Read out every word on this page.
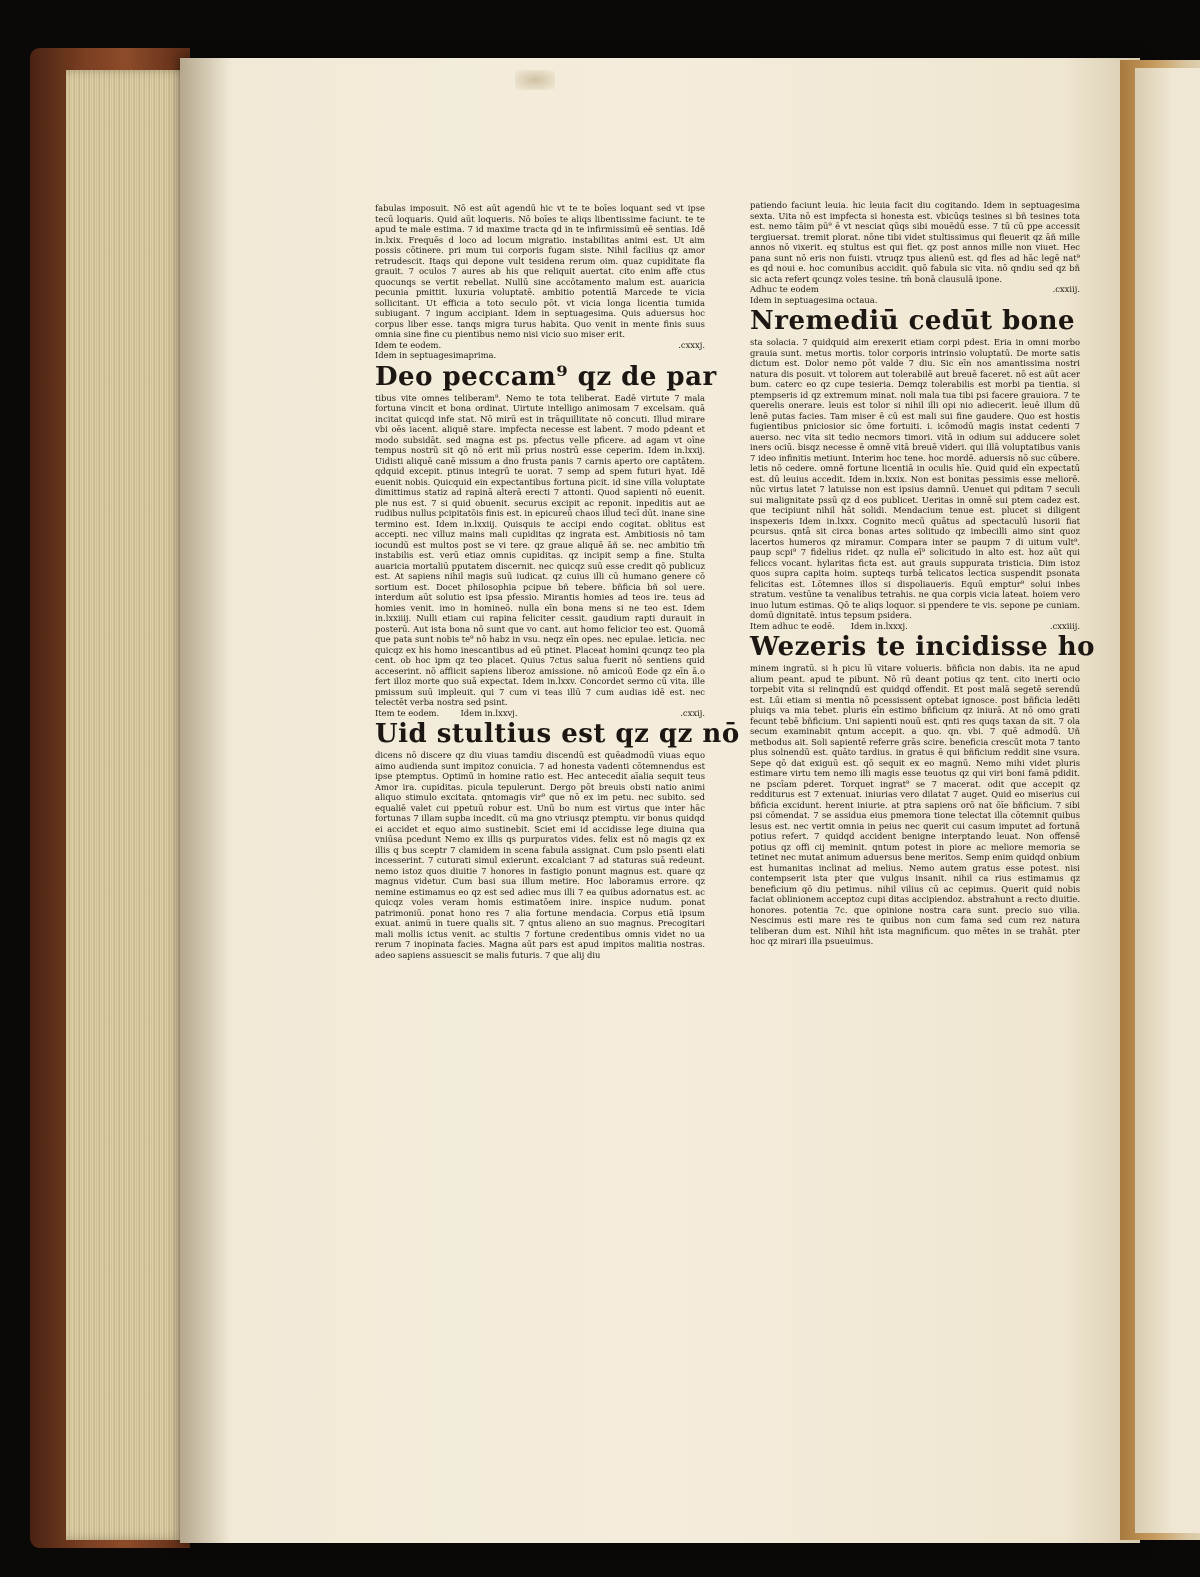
fabulas imposuit. Nō est aūt agendū hic vt te te boīes loquant sed vt ipse tecū loquaris. Quid aūt loqueris. Nō boīes te aliqs libentissime faciunt. te te apud te male estima. 7 id maxime tracta qd in te infirmissimū eē sentias. Idē in.lxix. Frequēs d loco ad locum migratio. instabilitas animi est. Ut aim possis cōtinere. pri mum tui corporis fugam siste. Nihil facilius qz amor retrudescit. Itaqs qui depone vult tesidena rerum oim. quaz cupiditate fla grauit. 7 oculos 7 aures ab his que reliquit auertat. cito enim affe ctus quocunqs se vertit rebellat. Nullū sine accōtamento malum est. auaricia pecunia pmittit. luxuria voluptatē. ambitio potentiā Marcede te vicia sollicitant. Ut efficia a toto seculo pōt. vt vicia longa licentia tumida subiugant. 7 ingum accipiant. Idem in septuagesima. Quis aduersus hoc corpus liber esse. tanqs migra turus habita. Quo venit in mente finis suus omnia sine fine cu pientibus nemo nisi vicio suo miser erit.

Idem te eodem.	.cxxxj.

Idem in septuagesimaprima.

Deo peccam⁹ qz de par

tibus vite omnes teliberam⁹. Nemo te tota teliberat. Eadē virtute 7 mala fortuna vincit et bona ordinat. Uirtute intelligo animosam 7 excelsam. quā incitat quicqd infe stat. Nō mirū est in trāquillitate nō concuti. Illud mirare vbi oēs iacent. aliquē stare. impfecta necesse est labent. 7 modo pdeant et modo subsidāt. sed magna est ps. pfectus velle pficere. ad agam vt oīne tempus nostrū sit qō nō erit mīi prius nostrū esse ceperim. Idem in.lxxij. Uidisti aliquē canē missum a dno frusta panis 7 carnis aperto ore captātem. qdquid excepit. ptinus integrū te uorat. 7 semp ad spem futuri hyat. Idē euenit nobis. Quicquid ein expectantibus fortuna picit. id sine villa voluptate dimittimus statiz ad rapinā alterā erecti 7 attonti. Quod sapienti nō euenit. ple nus est. 7 si quid obuenit. securus excipit ac reponit. inpeditis aut ae rudibus nullus pcipitatōis finis est. in epicureū chaos illud tecī dūt. inane sine termino est. Idem in.lxxiij. Quisquis te accipi endo cogitat. oblitus est accepti. nec villuz mains mali cupiditas qz ingrata est. Ambitiosis nō tam iocundū est multos post se vi tere. qz graue aliquē āñ se. nec ambitio tm̄ instabilis est. verū etiaz omnis cupiditas. qz incipit semp a fine. Stulta auaricia mortaliū pputatem discernit. nec quicqz suū esse credit qō publicuz est. At sapiens nihil magis suū iudicat. qz cuius illi cū humano genere cō sortium est. Docet philosophia pcipue bñ tebere. bñficia bñ sol uere. interdum aūt solutio est ipsa pfessio. Mirantis homies ad teos ire. teus ad homies venit. imo in homineō. nulla eīn bona mens si ne teo est. Idem in.lxxiiij. Nulli etiam cui rapina feliciter cessit. gaudium rapti durauit in posterū. Aut ista bona nō sunt que vo cant. aut homo felicior teo est. Quomā que pata sunt nobis te⁹ nō habz in vsu. neqz eīn opes. nec epulae. leticia. nec quicqz ex his homo inescantibus ad eū ptinet. Placeat homini qcunqz teo pla cent. ob hoc ipm qz teo placet. Quius 7ctus salua fuerit nō sentiens quid acceserint. nō afflicit sapiens liberoz amissione. nō amicoū Eode qz eīn ā.o fert illoz morte quo suā expectat. Idem in.lxxv. Concordet sermo cū vita. ille pmissum suū impleuit. qui 7 cum vi teas illū 7 cum audias idē est. nec telectēt verba nostra sed psint.

Item te eodem.	Idem in.lxxvj.	.cxxij.

Uid stultius est qz qz nō

dicens nō discere qz diu viuas tamdiu discendū est quēadmodū viuas equo aimo audienda sunt impitoz conuicia. 7 ad honesta vadenti cōtemnendus est ipse ptemptus. Optimū in homine ratio est. Hec antecedit aīalia sequit teus Amor ira. cupiditas. picula tepulerunt. Dergo pōt breuis obsti natio animi aliquo stimulo excitata. qntomagis vir⁹ que nō ex im petu. nec subito. sed equaliē valet cui ppetuū robur est. Unū bo num est virtus que inter hāc fortunas 7 illam supba incedit. cū ma gno vtriusqz ptemptu. vir bonus quidqd ei accidet et equo aimo sustinebit. Sciet emi id accidisse lege diuina qua vniūsa pcedunt Nemo ex illis qs purpuratos vides. felix est nō magis qz ex illis q bus sceptr 7 clamidem in scena fabula assignat. Cum pslo psenti elati incesserint. 7 cuturati simul exierunt. excalciant 7 ad staturas suā redeunt. nemo istoz quos diuitie 7 honores in fastigio ponunt magnus est. quare qz magnus videtur. Cum basi sua illum metire. Hoc laboramus errore. qz nemine estimamus eo qz est sed adiec mus illi 7 ea quibus adornatus est. ac quicqz voles veram homis estimatōem inire. inspice nudum. ponat patrimoniū. ponat hono res 7 alia fortune mendacia. Corpus etiā ipsum exuat. animū in tuere qualis sit. 7 qntus alieno an suo magnus. Precogitari mali mollis ictus venit. ac stultis 7 fortune credentibus omnis videt no ua rerum 7 inopinata facies. Magna aūt pars est apud impitos malitia nostras. adeo sapiens assuescit se malis futuris. 7 que alij diu

patiendo faciunt leuia. hic leuia facit diu cogitando. Idem in septuagesima sexta. Uita nō est impfecta si honesta est. vbicūqs tesines si bñ tesines tota est. nemo tāim pū⁹ ē vt nesciat qūqs sibi mouēdū esse. 7 tū cū ppe accessit tergiuersat. tremit plorat. nōne tibi videt stultissimus qui fleuerit qz āñ mille annos nō vixerit. eq stultus est qui flet. qz post annos mille non viuet. Hec pana sunt nō eris non fuisti. vtruqz tpus alienū est. qd fles ad hāc legē nat⁹ es qd noui e. hoc comunibus accidit. quō fabula sic vita. nō qndiu sed qz bñ sic acta refert qcunqz voles tesine. tm̄ bonā clausulā ipone.

Adhuc te eodem	.cxxiij.

Idem in septuagesima octaua.

Nremediū cedūt bone

sta solacia. 7 quidquid aim erexerit etiam corpi pdest. Eria in omni morbo grauia sunt. metus mortis. tolor corporis intrinsio voluptatū. De morte satis dictum est. Dolor nemo pōt valde 7 diu. Sic eīn nos amantissima nostri natura dis posuit. vt tolorem aut tolerabilē aut breuē faceret. nō est aūt acer bum. caterc eo qz cupe tesieria. Demqz tolerabilis est morbi pa tientia. si ptempseris id qz extremum minat. noli mala tua tibi psi facere grauiora. 7 te querelis onerare. leuis est tolor si nihil illi opi nio adiecerit. leuē illum dū lenē putas facies. Tam miser ē cū est mali sui fine gaudere. Quo est hostis fugientibus pniciosior sic ōme fortuiti. i. icōmodū magis instat cedenti 7 auerso. nec vita sit tedio necmors timori. vitā in odium sui adducere solet iners ociū. bisqz necesse ē omnē vitā breuē videri. qui illā voluptatibus vanis 7 ideo infinitis metiunt. Interim hoc tene. hoc mordē. aduersis nō suc cūbere. letis nō cedere. omnē fortune licentiā in oculis hīe. Quid quid eīn expectatū est. dū leuius accedit. Idem in.lxxix. Non est bonitas pessimis esse meliorē. nūc virtus latet 7 latuisse non est ipsius damnū. Uenuet qui pditam 7 seculi sui malignitate pssū qz d eos publicet. Ueritas in omnē sui ptem cadez est. que tecipiunt nihil hāt solidi. Mendacium tenue est. plucet si diligent inspexeris Idem in.lxxx. Cognito mecū quātus ad spectaculū lusorii fiat pcursus. qntā sit circa bonas artes solitudo qz imbecilli aimo sint quoz lacertos humeros qz miramur. Compara inter se paupm 7 di uitum vult⁹. paup scpi⁹ 7 fidelius ridet. qz nulla eī⁹ solicitudo in alto est. hoz aūt qui feliccs vocant. hylaritas ficta est. aut grauis suppurata tristicia. Dim istoz quos supra capita hoim. supteqs turbā telicatos lectica suspendit psonata felicitas est. Lōtemnes illos si dispoliaueris. Equū emptur⁹ solui inbes stratum. vestūne ta venalibus tetrahis. ne qua corpis vicia lateat. hoiem vero inuo lutum estimas. Qō te aliqs loquor. si ppendere te vis. sepone pe cuniam. domū dignitatē. intus tepsum psidera.

Item adhuc te eodē. Idem in.lxxxj.	.cxxiiij.

Wezeris te incidisse ho

minem ingratū. si h picu lū vitare volueris. bñficia non dabis. ita ne apud alium peant. apud te pibunt. Nō rū deant potius qz tent. cito inerti ocio torpebit vita si relinqndū est quidqd offendit. Et post malā segetē serendū est. Lūi etiam si mentia nō pcessissent optebat ignosce. post bñficia ledēti pluiqs va mia tebet. pluris eīn estimo bñficium qz iniurā. At nō omo grati fecunt tebē bñficium. Uni sapienti nouū est. qnti res quqs taxan da sit. 7 ola secum examinabit qntum accepit. a quo. qn. vbi. 7 quē admodū. Uñ metbodus ait. Soli sapientē referre grās scire. beneficia crescūt mota 7 tanto plus solnendū est. quāto tardius. in gratus ē qui bñficium reddit sine vsura. Sepe qō dat exiguū est. qō sequit ex eo magnū. Nemo mihi videt pluris estimare virtu tem nemo illi magis esse teuotus qz qui viri boni famā pdidit. ne pscīam pderet. Torquet ingrat⁹ se 7 macerat. odit que accepit qz redditurus est 7 extenuat. iniurias vero dilatat 7 auget. Quid eo miserius cui bñficia excidunt. herent iniurie. at ptra sapiens orō nat ōīe bñficium. 7 sibi psi cōmendat. 7 se assidua eius pmemora tione telectat illa cōtemnit quibus lesus est. nec vertit omnia in peius nec querit cui casum imputet ad fortunā potius refert. 7 quidqd accident benigne interptando leuat. Non offensē potius qz offi cij meminit. qntum potest in piore ac meliore memoria se tetinet nec mutat animum aduersus bene meritos. Semp enim quidqd onbium est humanitas inclinat ad melius. Nemo autem gratus esse potest. nisi contempserit ista pter que vulgus insanit. nihil ca rius estimamus qz beneficium qō diu petimus. nihil vilius cū ac cepimus. Querit quid nobis faciat oblinionem acceptoz cupi ditas accipiendoz. abstrahunt a recto diuitie. honores. potentia 7c. que opinione nostra cara sunt. precio suo vilia. Nescimus esti mare res te quibus non cum fama sed cum rez natura teliberan dum est. Nihil hñt ista magnificum. quo mētes in se trahāt. pter hoc qz mirari illa psueuimus.
